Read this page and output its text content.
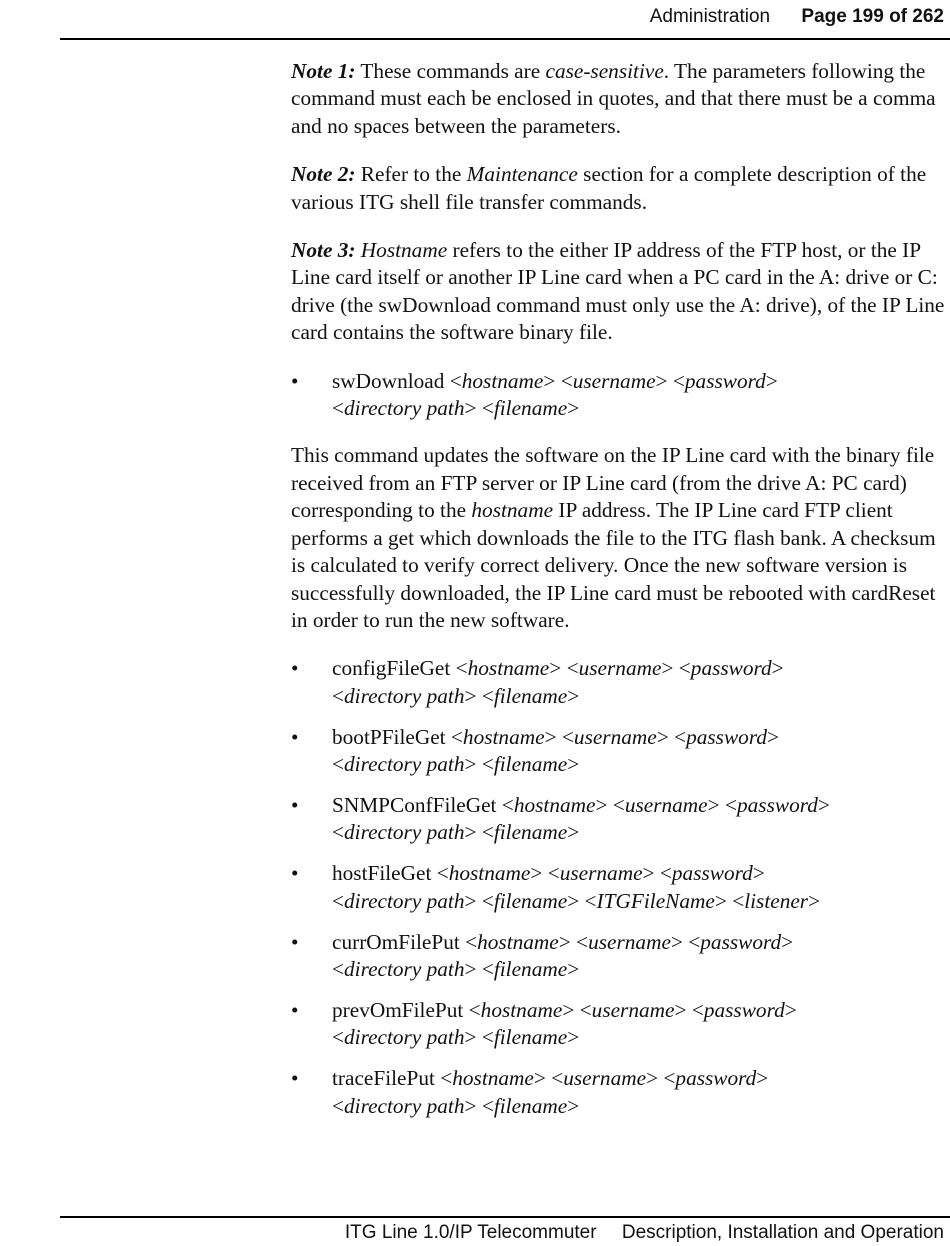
Administration Page 199 of 262

Note 1: These commands are case-sensitive. The parameters following the command must each be enclosed in quotes, and that there must be a comma and no spaces between the parameters.

Note 2: Refer to the Maintenance section for a complete description of the various ITG shell file transfer commands.

Note 3: Hostname refers to the either IP address of the FTP host, or the IP Line card itself or another IP Line card when a PC card in the A: drive or C: drive (the swDownload command must only use the A: drive), of the IP Line card contains the software binary file.

• swDownload <hostname> <username> <password>
<directory path> <filename>

This command updates the software on the IP Line card with the binary file received from an FTP server or IP Line card (from the drive A: PC card) corresponding to the hostname IP address. The IP Line card FTP client performs a get which downloads the file to the ITG flash bank. A checksum is calculated to verify correct delivery. Once the new software version is successfully downloaded, the IP Line card must be rebooted with cardReset in order to run the new software.

• configFileGet <hostname> <username> <password>
<directory path> <filename>
• bootPFileGet <hostname> <username> <password>
<directory path> <filename>
• SNMPConfFileGet <hostname> <username> <password>
<directory path> <filename>
• hostFileGet <hostname> <username> <password>
<directory path> <filename> <ITGFileName> <listener>
• currOmFilePut <hostname> <username> <password>
<directory path> <filename>
• prevOmFilePut <hostname> <username> <password>
<directory path> <filename>
• traceFilePut <hostname> <username> <password>
<directory path> <filename>
ITG Line 1.0/IP Telecommuter Description, Installation and Operation
